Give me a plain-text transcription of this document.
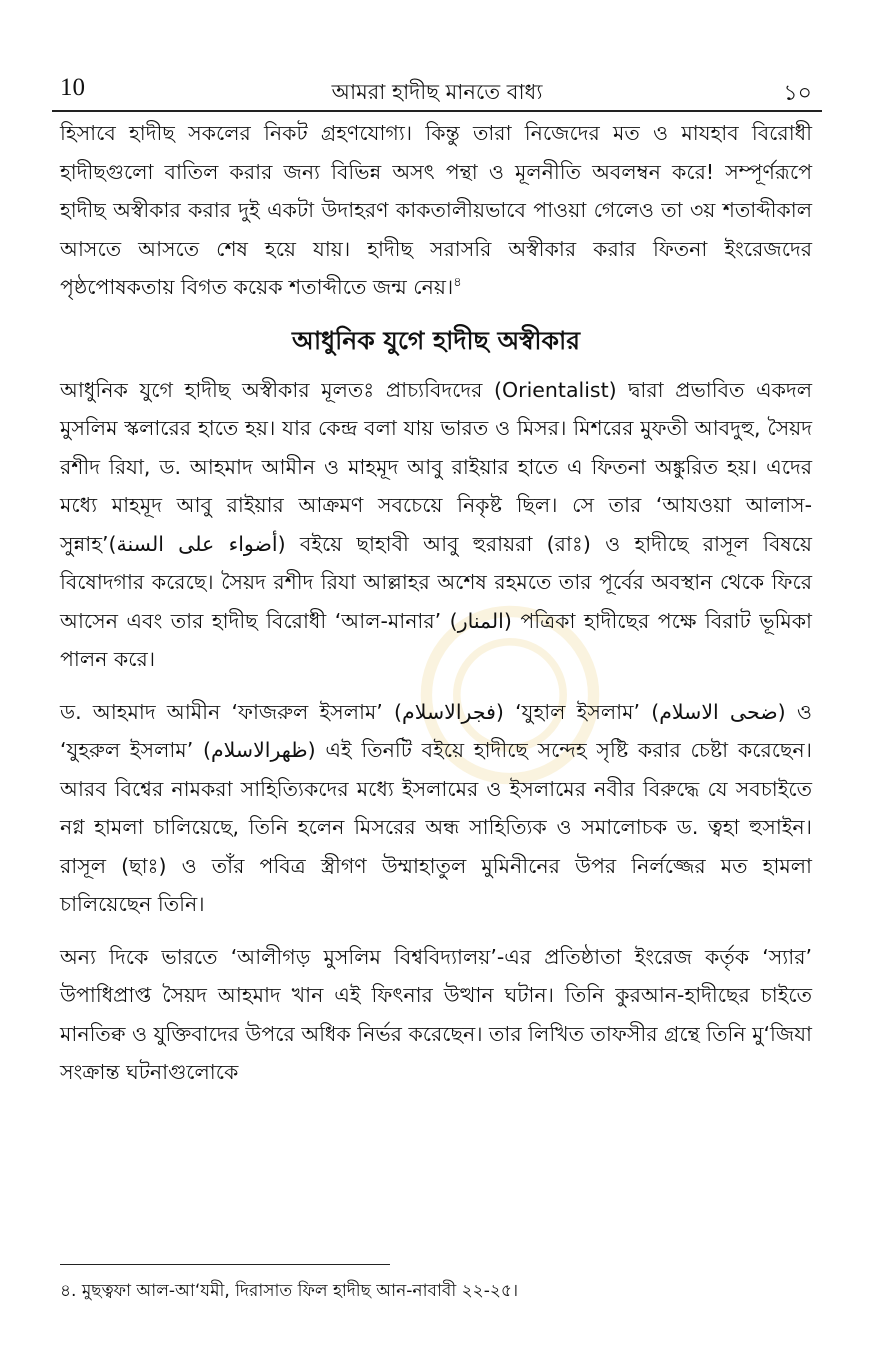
10	আমরা হাদীছ মানতে বাধ্য	১০

হিসাবে হাদীছ সকলের নিকট গ্রহণযোগ্য। কিন্তু তারা নিজেদের মত ও মাযহাব বিরোধী হাদীছগুলো বাতিল করার জন্য বিভিন্ন অসৎ পন্থা ও মূলনীতি অবলম্বন করে! সম্পূর্ণরূপে হাদীছ অস্বীকার করার দুই একটা উদাহরণ কাকতালীয়ভাবে পাওয়া গেলেও তা ৩য় শতাব্দীকাল আসতে আসতে শেষ হয়ে যায়। হাদীছ সরাসরি অস্বীকার করার ফিতনা ইংরেজদের পৃষ্ঠপোষকতায় বিগত কয়েক শতাব্দীতে জন্ম নেয়।$^৪$

আধুনিক যুগে হাদীছ অস্বীকার

আধুনিক যুগে হাদীছ অস্বীকার মূলতঃ প্রাচ্যবিদদের (Orientalist) দ্বারা প্রভাবিত একদল মুসলিম স্কলারের হাতে হয়। যার কেন্দ্র বলা যায় ভারত ও মিসর। মিশরের মুফতী আবদুহু, সৈয়দ রশীদ রিযা, ড. আহমাদ আমীন ও মাহমূদ আবু রাইয়ার হাতে এ ফিতনা অঙ্কুরিত হয়। এদের মধ্যে মাহমূদ আবু রাইয়ার আক্রমণ সবচেয়ে নিকৃষ্ট ছিল। সে তার ‘আযওয়া আলাস-সুন্নাহ’(أضواء على السنة) বইয়ে ছাহাবী আবু হুরায়রা (রাঃ) ও হাদীছে রাসূল বিষয়ে বিষোদগার করেছে। সৈয়দ রশীদ রিযা আল্লাহর অশেষ রহমতে তার পূর্বের অবস্থান থেকে ফিরে আসেন এবং তার হাদীছ বিরোধী ‘আল-মানার’ (المنار) পত্রিকা হাদীছের পক্ষে বিরাট ভূমিকা পালন করে।

ড. আহমাদ আমীন ‘ফাজরুল ইসলাম’ (فجرالاسلام) ‘যুহাল ইসলাম’ (ضحى الاسلام) ও ‘যুহরুল ইসলাম’ (ظهرالاسلام) এই তিনটি বইয়ে হাদীছে সন্দেহ সৃষ্টি করার চেষ্টা করেছেন। আরব বিশ্বের নামকরা সাহিত্যিকদের মধ্যে ইসলামের ও ইসলামের নবীর বিরুদ্ধে যে সবচাইতে নগ্ন হামলা চালিয়েছে, তিনি হলেন মিসরের অন্ধ সাহিত্যিক ও সমালোচক ড. ত্বহা হুসাইন। রাসূল (ছাঃ) ও তাঁর পবিত্র স্ত্রীগণ উম্মাহাতুল মুমিনীনের উপর নির্লজ্জের মত হামলা চালিয়েছেন তিনি।

অন্য দিকে ভারতে ‘আলীগড় মুসলিম বিশ্ববিদ্যালয়’-এর প্রতিষ্ঠাতা ইংরেজ কর্তৃক ‘স্যার’ উপাধিপ্রাপ্ত সৈয়দ আহমাদ খান এই ফিৎনার উত্থান ঘটান। তিনি কুরআন-হাদীছের চাইতে মানতিক্ব ও যুক্তিবাদের উপরে অধিক নির্ভর করেছেন। তার লিখিত তাফসীর গ্রন্থে তিনি মু‘জিযা সংক্রান্ত ঘটনাগুলোকে

৪. মুছত্বফা আল-আ‘যমী, দিরাসাত ফিল হাদীছ আন-নাবাবী ২২-২৫।
